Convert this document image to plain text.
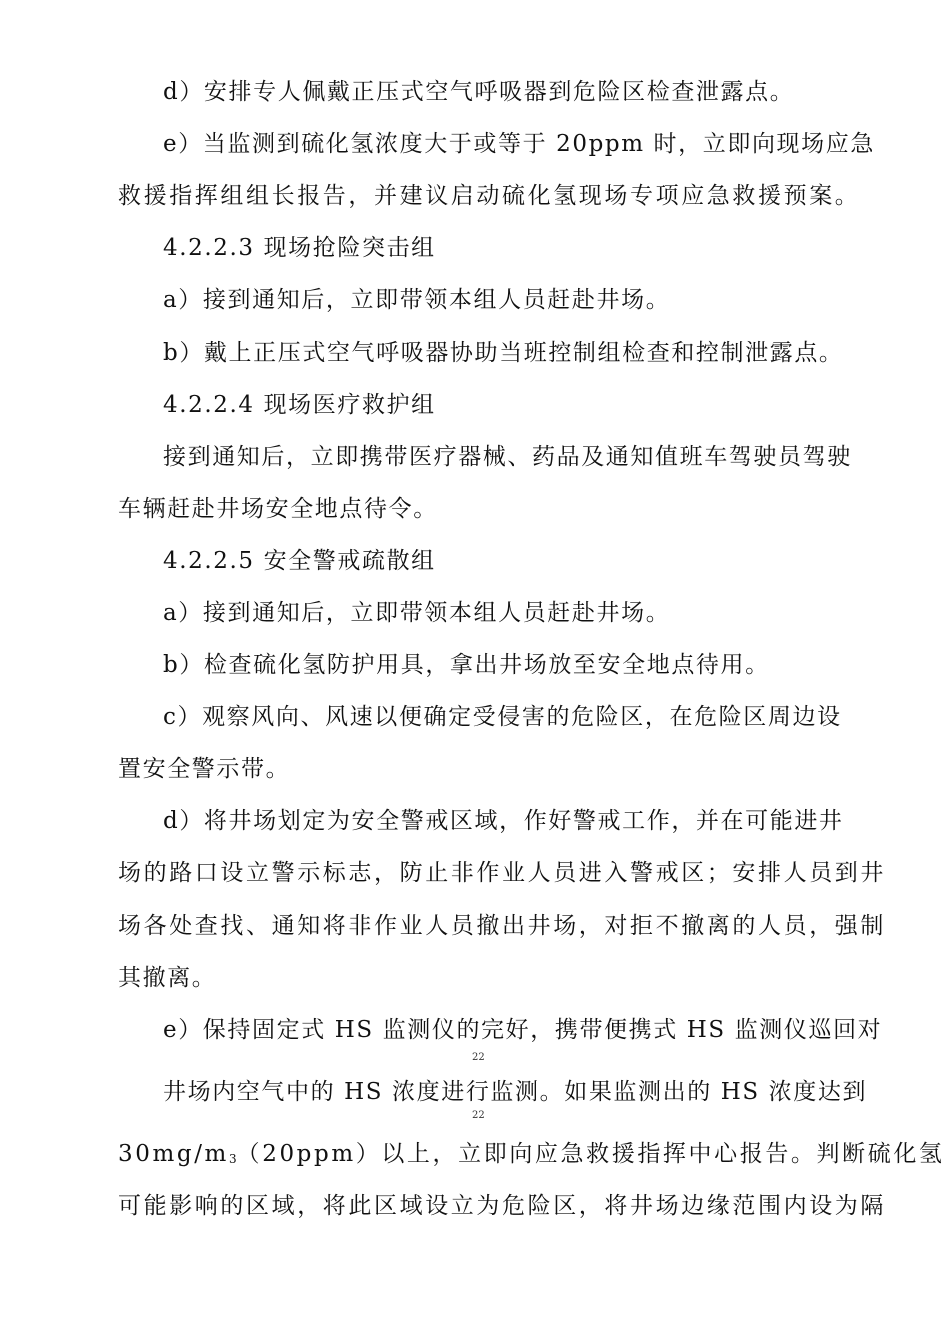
d）安排专人佩戴正压式空气呼吸器到危险区检查泄露点。
e）当监测到硫化氢浓度大于或等于 20ppm 时，立即向现场应急
救援指挥组组长报告，并建议启动硫化氢现场专项应急救援预案。
4.2.2.3 现场抢险突击组
a）接到通知后，立即带领本组人员赶赴井场。
b）戴上正压式空气呼吸器协助当班控制组检查和控制泄露点。
4.2.2.4 现场医疗救护组
接到通知后，立即携带医疗器械、药品及通知值班车驾驶员驾驶
车辆赶赴井场安全地点待令。
4.2.2.5 安全警戒疏散组
a）接到通知后，立即带领本组人员赶赴井场。
b）检查硫化氢防护用具，拿出井场放至安全地点待用。
c）观察风向、风速以便确定受侵害的危险区，在危险区周边设
置安全警示带。
d）将井场划定为安全警戒区域，作好警戒工作，并在可能进井
场的路口设立警示标志，防止非作业人员进入警戒区；安排人员到井
场各处查找、通知将非作业人员撤出井场，对拒不撤离的人员，强制
其撤离。
e）保持固定式 HS 监测仪的完好，携带便携式 HS 监测仪巡回对
22
井场内空气中的 HS 浓度进行监测。如果监测出的 HS 浓度达到
22
30mg/m3（20ppm）以上，立即向应急救援指挥中心报告。判断硫化氢
可能影响的区域，将此区域设立为危险区，将井场边缘范围内设为隔
